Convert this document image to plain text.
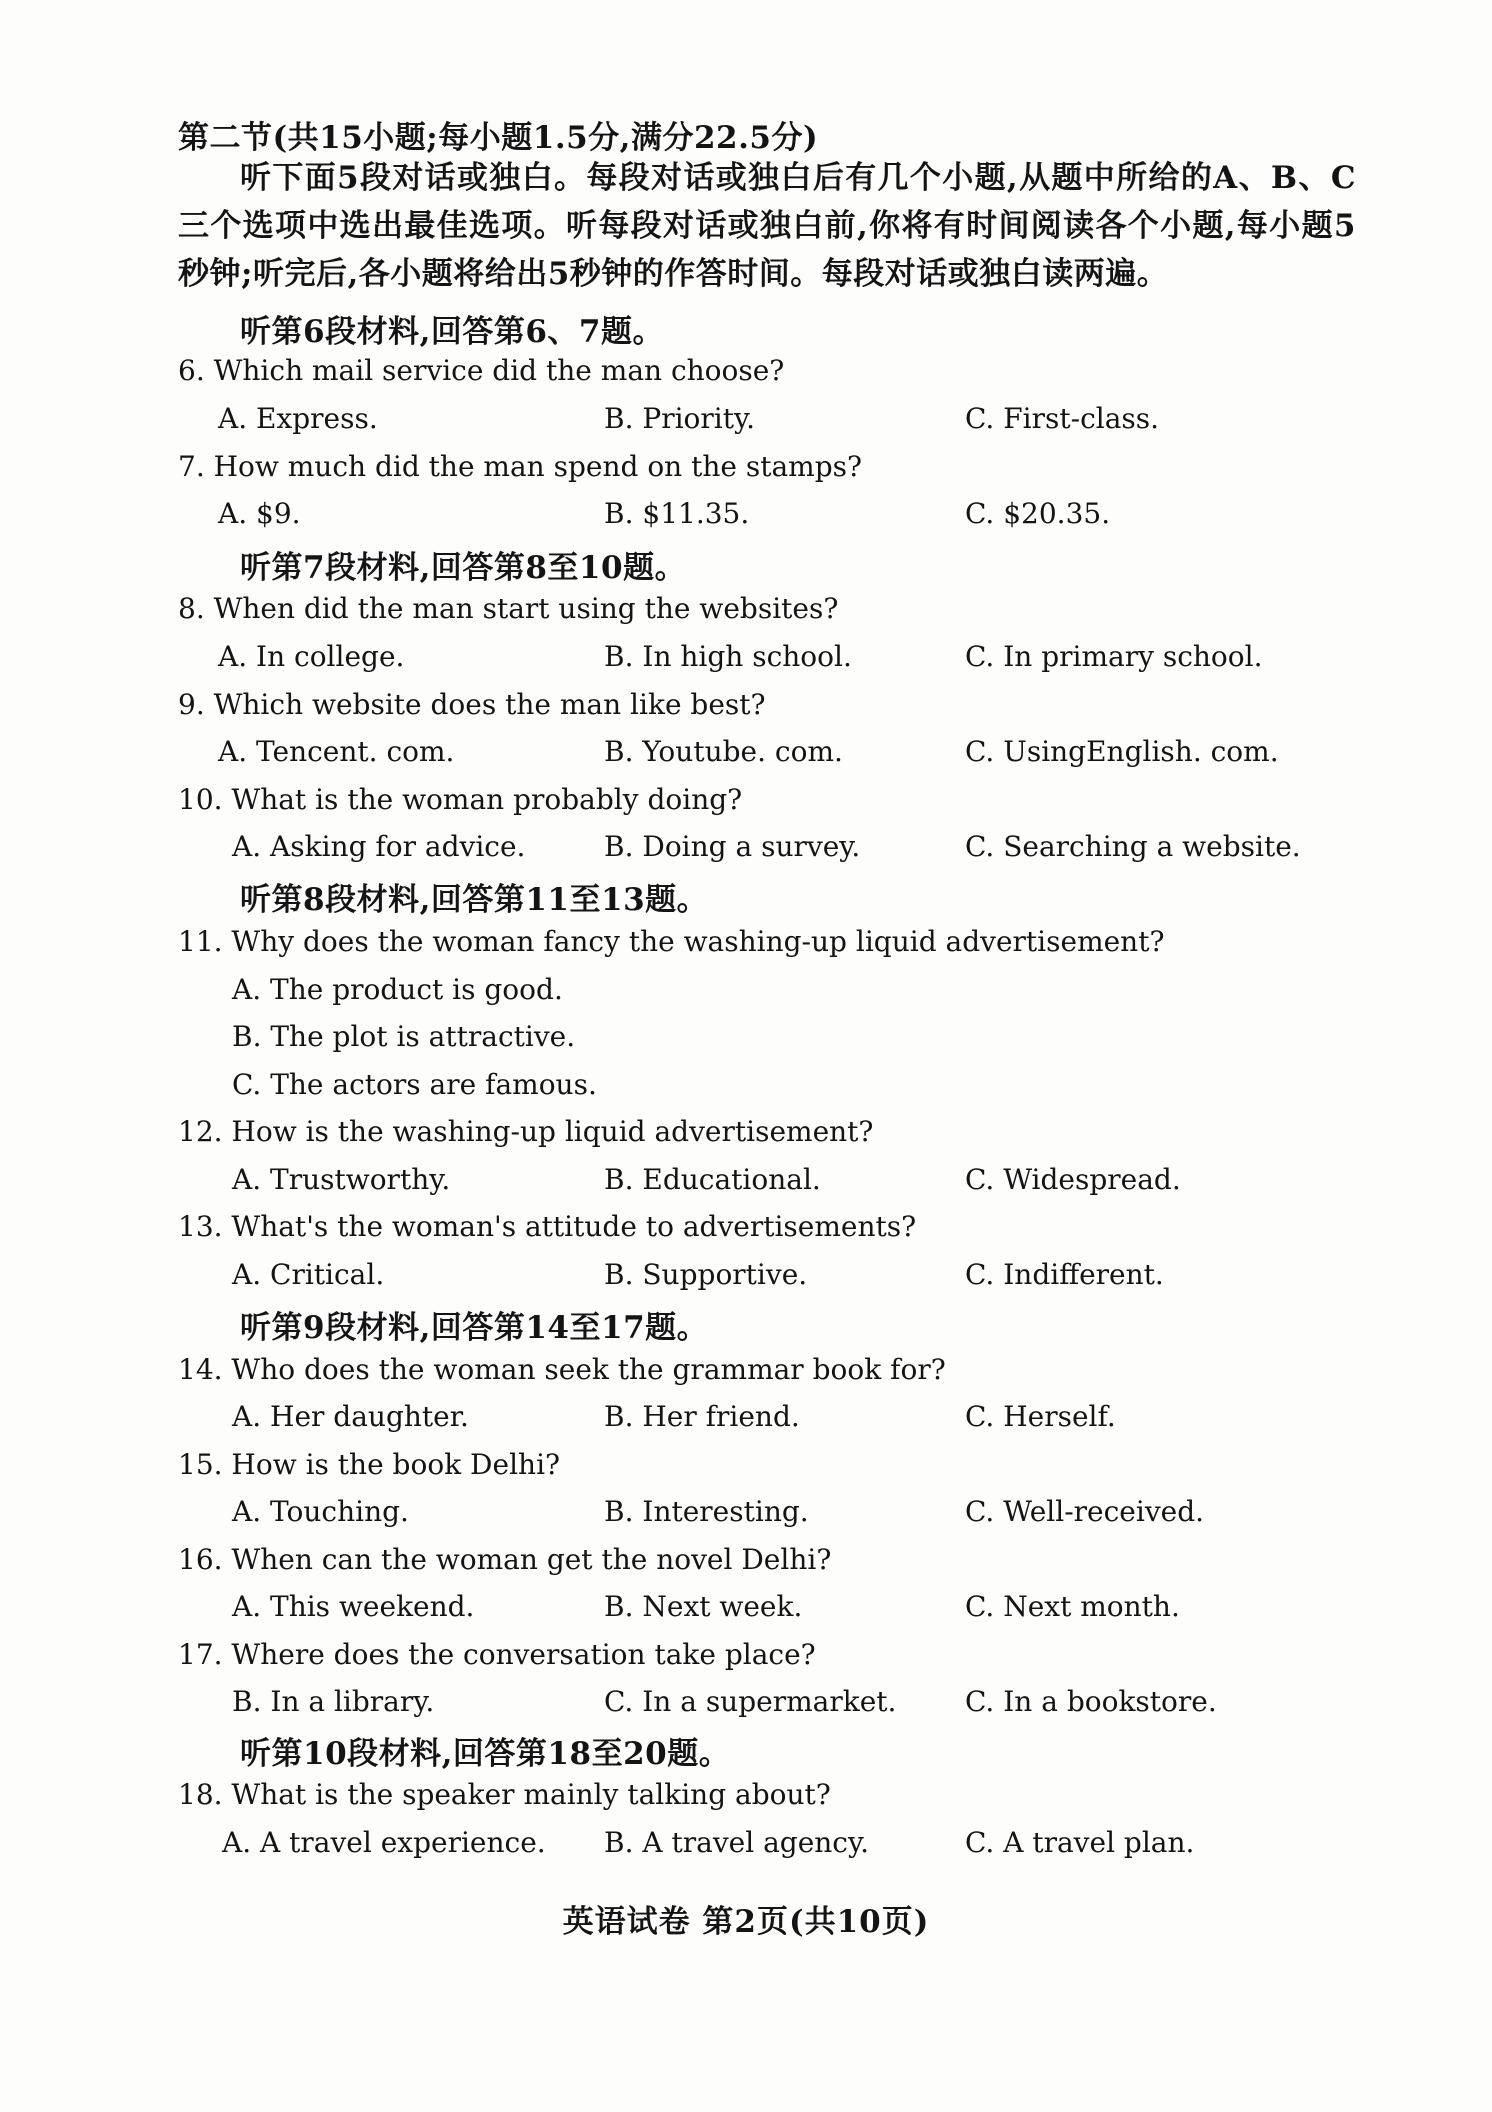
第二节(共15小题;每小题1.5分,满分22.5分)
听下面5段对话或独白。每段对话或独白后有几个小题,从题中所给的A、B、C三个选项中选出最佳选项。听每段对话或独白前,你将有时间阅读各个小题,每小题5秒钟;听完后,各小题将给出5秒钟的作答时间。每段对话或独白读两遍。
听第6段材料,回答第6、7题。
6. Which mail service did the man choose?
A. Express.	B. Priority.	C. First-class.
7. How much did the man spend on the stamps?
A. $9.	B. $11.35.	C. $20.35.
听第7段材料,回答第8至10题。
8. When did the man start using the websites?
A. In college.	B. In high school.	C. In primary school.
9. Which website does the man like best?
A. Tencent. com.	B. Youtube. com.	C. UsingEnglish. com.
10. What is the woman probably doing?
A. Asking for advice.	B. Doing a survey.	C. Searching a website.
听第8段材料,回答第11至13题。
11. Why does the woman fancy the washing-up liquid advertisement?
A. The product is good.
B. The plot is attractive.
C. The actors are famous.
12. How is the washing-up liquid advertisement?
A. Trustworthy.	B. Educational.	C. Widespread.
13. What's the woman's attitude to advertisements?
A. Critical.	B. Supportive.	C. Indifferent.
听第9段材料,回答第14至17题。
14. Who does the woman seek the grammar book for?
A. Her daughter.	B. Her friend.	C. Herself.
15. How is the book Delhi?
A. Touching.	B. Interesting.	C. Well-received.
16. When can the woman get the novel Delhi?
A. This weekend.	B. Next week.	C. Next month.
17. Where does the conversation take place?
B. In a library.	C. In a supermarket. C. In a bookstore.
听第10段材料,回答第18至20题。
18. What is the speaker mainly talking about?
A. A travel experience. B. A travel agency.	C. A travel plan.
英语试卷 第2页(共10页)
